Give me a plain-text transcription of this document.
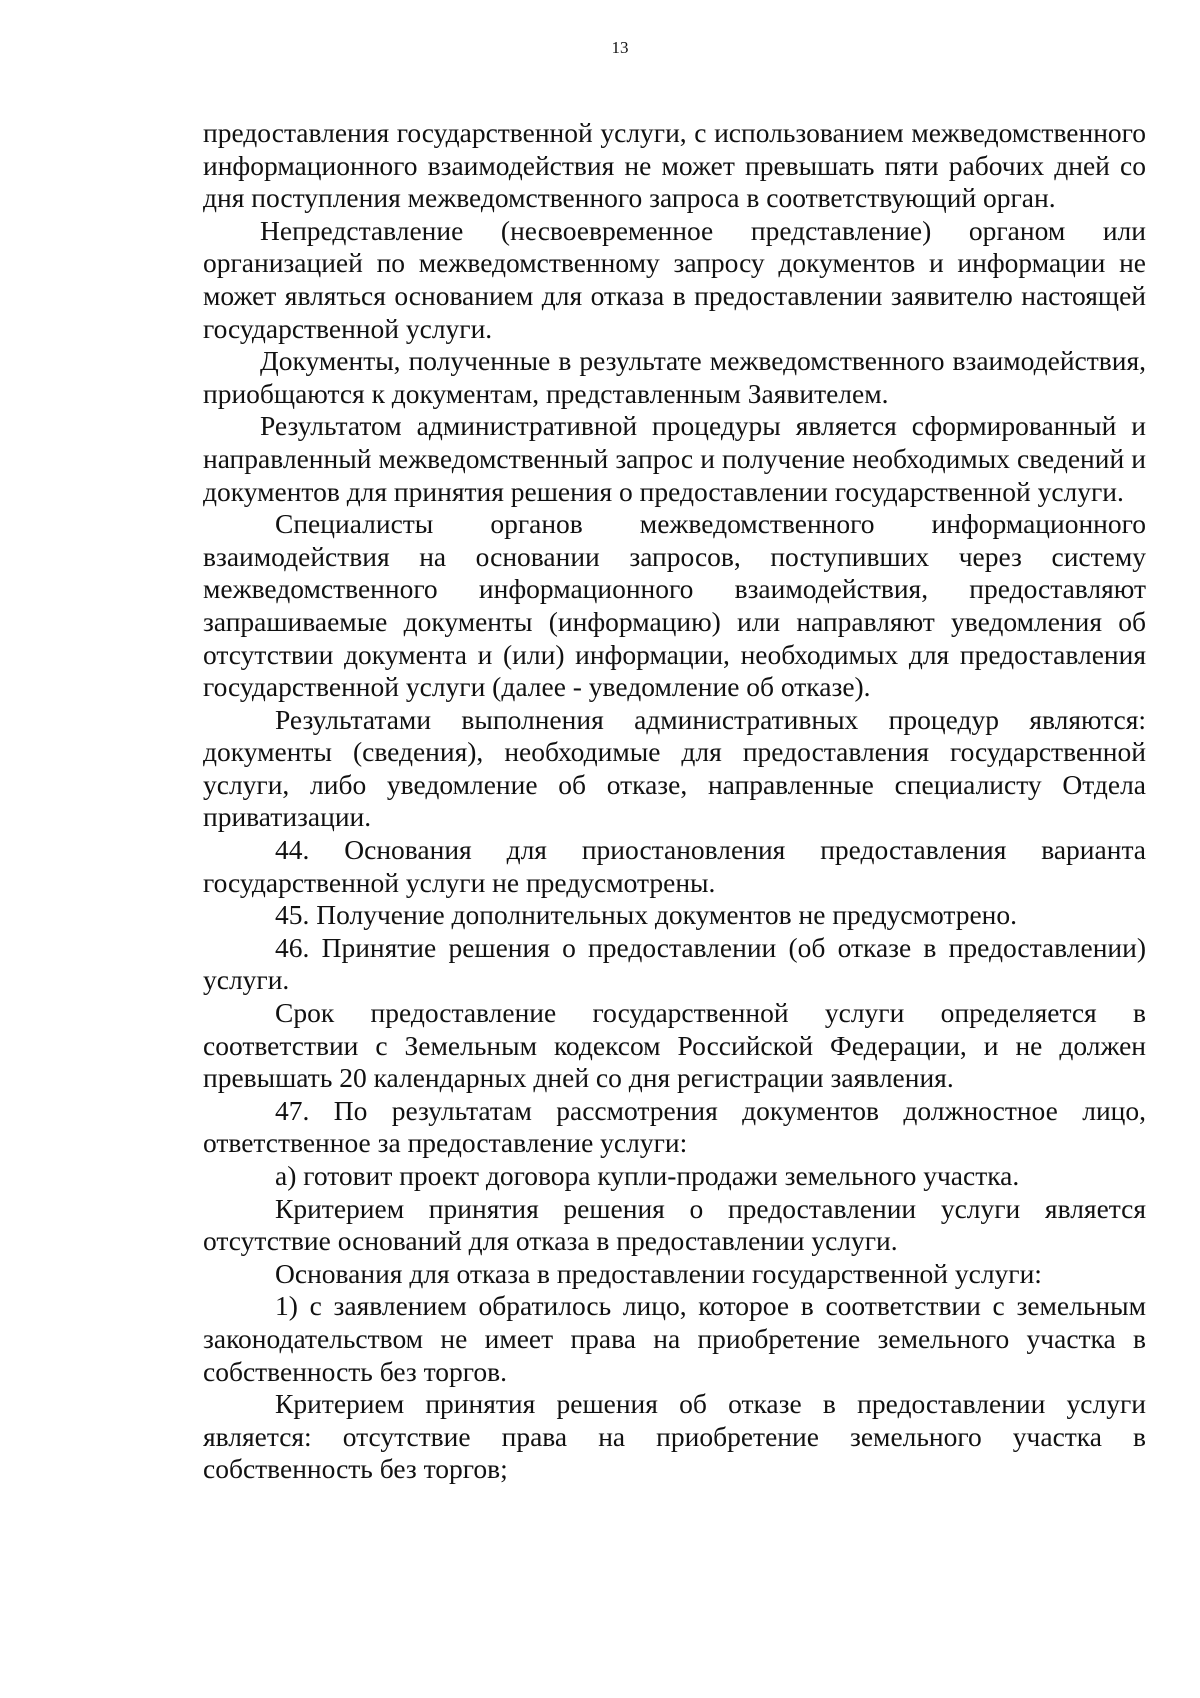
13

предоставления государственной услуги, с использованием межведомственного информационного взаимодействия не может превышать пяти рабочих дней со дня поступления межведомственного запроса в соответствующий орган.

Непредставление (несвоевременное представление) органом или организацией по межведомственному запросу документов и информации не может являться основанием для отказа в предоставлении заявителю настоящей государственной услуги.

Документы, полученные в результате межведомственного взаимодействия, приобщаются к документам, представленным Заявителем.

Результатом административной процедуры является сформированный и направленный межведомственный запрос и получение необходимых сведений и документов для принятия решения о предоставлении государственной услуги.

Специалисты органов межведомственного информационного взаимодействия на основании запросов, поступивших через систему межведомственного информационного взаимодействия, предоставляют запрашиваемые документы (информацию) или направляют уведомления об отсутствии документа и (или) информации, необходимых для предоставления государственной услуги (далее - уведомление об отказе).

Результатами выполнения административных процедур являются: документы (сведения), необходимые для предоставления государственной услуги, либо уведомление об отказе, направленные специалисту Отдела приватизации.

44. Основания для приостановления предоставления варианта государственной услуги не предусмотрены.

45. Получение дополнительных документов не предусмотрено.

46. Принятие решения о предоставлении (об отказе в предоставлении) услуги.

Срок предоставление государственной услуги определяется в соответствии с Земельным кодексом Российской Федерации, и не должен превышать 20 календарных дней со дня регистрации заявления.

47. По результатам рассмотрения документов должностное лицо, ответственное за предоставление услуги:

а) готовит проект договора купли-продажи земельного участка.

Критерием принятия решения о предоставлении услуги является отсутствие оснований для отказа в предоставлении услуги.

Основания для отказа в предоставлении государственной услуги:

1) с заявлением обратилось лицо, которое в соответствии с земельным законодательством не имеет права на приобретение земельного участка в собственность без торгов.

Критерием принятия решения об отказе в предоставлении услуги является: отсутствие права на приобретение земельного участка в собственность без торгов;
